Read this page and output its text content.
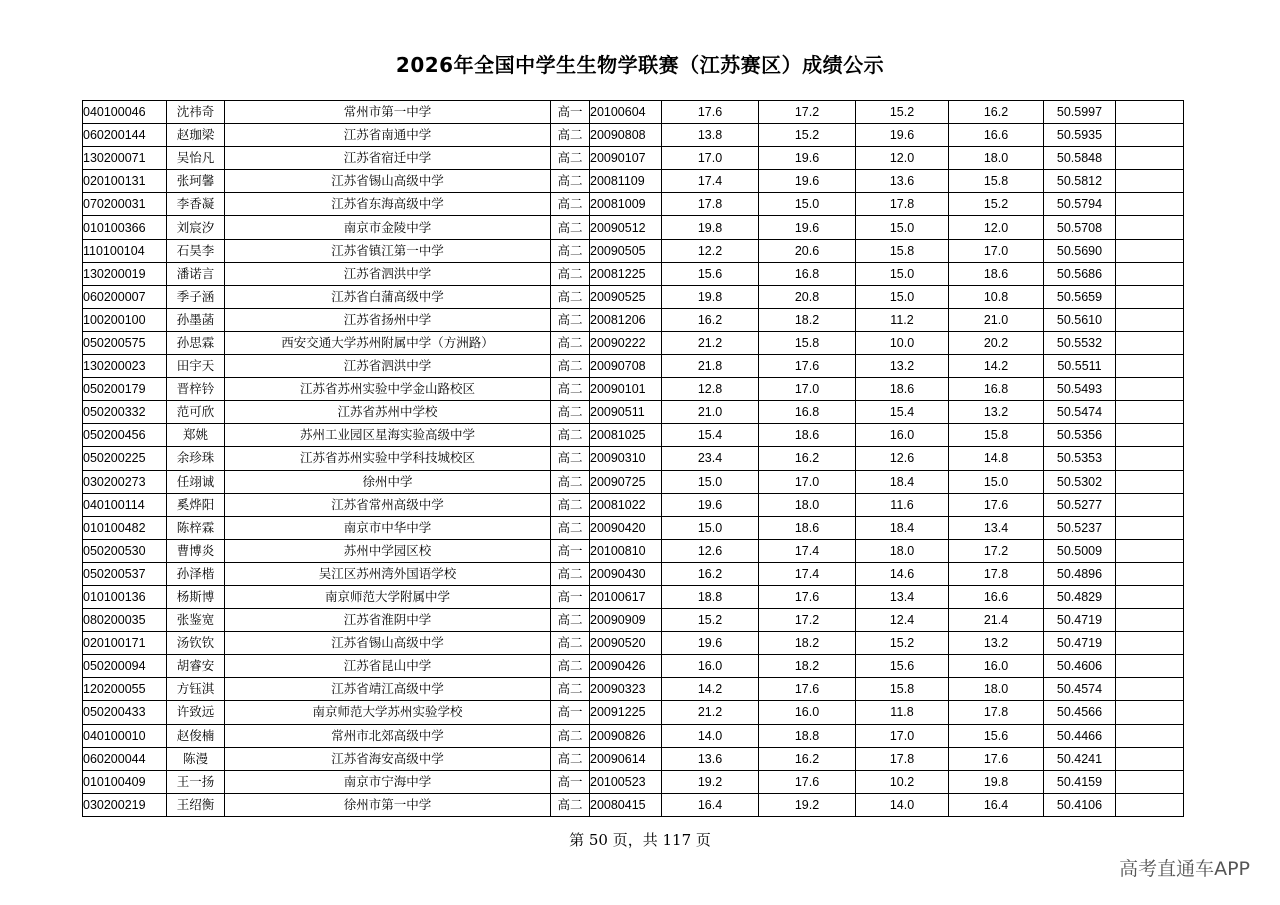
2026年全国中学生生物学联赛（江苏赛区）成绩公示
040100046	沈祎奇	常州市第一中学	高一	20100604	17.6	17.2	15.2	16.2	50.5997	
060200144	赵珈梁	江苏省南通中学	高二	20090808	13.8	15.2	19.6	16.6	50.5935	
130200071	吴怡凡	江苏省宿迁中学	高二	20090107	17.0	19.6	12.0	18.0	50.5848	
020100131	张珂馨	江苏省锡山高级中学	高二	20081109	17.4	19.6	13.6	15.8	50.5812	
070200031	李香凝	江苏省东海高级中学	高二	20081009	17.8	15.0	17.8	15.2	50.5794	
010100366	刘宸汐	南京市金陵中学	高二	20090512	19.8	19.6	15.0	12.0	50.5708	
110100104	石昊李	江苏省镇江第一中学	高二	20090505	12.2	20.6	15.8	17.0	50.5690	
130200019	潘诺言	江苏省泗洪中学	高二	20081225	15.6	16.8	15.0	18.6	50.5686	
060200007	季子涵	江苏省白蒲高级中学	高二	20090525	19.8	20.8	15.0	10.8	50.5659	
100200100	孙墨菡	江苏省扬州中学	高二	20081206	16.2	18.2	11.2	21.0	50.5610	
050200575	孙思霖	西安交通大学苏州附属中学（方洲路）	高二	20090222	21.2	15.8	10.0	20.2	50.5532	
130200023	田宇天	江苏省泗洪中学	高二	20090708	21.8	17.6	13.2	14.2	50.5511	
050200179	晋梓钤	江苏省苏州实验中学金山路校区	高二	20090101	12.8	17.0	18.6	16.8	50.5493	
050200332	范可欣	江苏省苏州中学校	高二	20090511	21.0	16.8	15.4	13.2	50.5474	
050200456	郑姚	苏州工业园区星海实验高级中学	高二	20081025	15.4	18.6	16.0	15.8	50.5356	
050200225	余珍珠	江苏省苏州实验中学科技城校区	高二	20090310	23.4	16.2	12.6	14.8	50.5353	
030200273	任翊诚	徐州中学	高二	20090725	15.0	17.0	18.4	15.0	50.5302	
040100114	奚烨阳	江苏省常州高级中学	高二	20081022	19.6	18.0	11.6	17.6	50.5277	
010100482	陈梓霖	南京市中华中学	高二	20090420	15.0	18.6	18.4	13.4	50.5237	
050200530	曹博炎	苏州中学园区校	高一	20100810	12.6	17.4	18.0	17.2	50.5009	
050200537	孙泽楷	吴江区苏州湾外国语学校	高二	20090430	16.2	17.4	14.6	17.8	50.4896	
010100136	杨斯博	南京师范大学附属中学	高一	20100617	18.8	17.6	13.4	16.6	50.4829	
080200035	张鉴宽	江苏省淮阴中学	高二	20090909	15.2	17.2	12.4	21.4	50.4719	
020100171	汤钦钦	江苏省锡山高级中学	高二	20090520	19.6	18.2	15.2	13.2	50.4719	
050200094	胡睿安	江苏省昆山中学	高二	20090426	16.0	18.2	15.6	16.0	50.4606	
120200055	方钰淇	江苏省靖江高级中学	高二	20090323	14.2	17.6	15.8	18.0	50.4574	
050200433	许致远	南京师范大学苏州实验学校	高一	20091225	21.2	16.0	11.8	17.8	50.4566	
040100010	赵俊楠	常州市北郊高级中学	高二	20090826	14.0	18.8	17.0	15.6	50.4466	
060200044	陈漫	江苏省海安高级中学	高二	20090614	13.6	16.2	17.8	17.6	50.4241	
010100409	王一扬	南京市宁海中学	高一	20100523	19.2	17.6	10.2	19.8	50.4159	
030200219	王绍衡	徐州市第一中学	高二	20080415	16.4	19.2	14.0	16.4	50.4106	
第 50 页，共 117 页
高考直通车APP
